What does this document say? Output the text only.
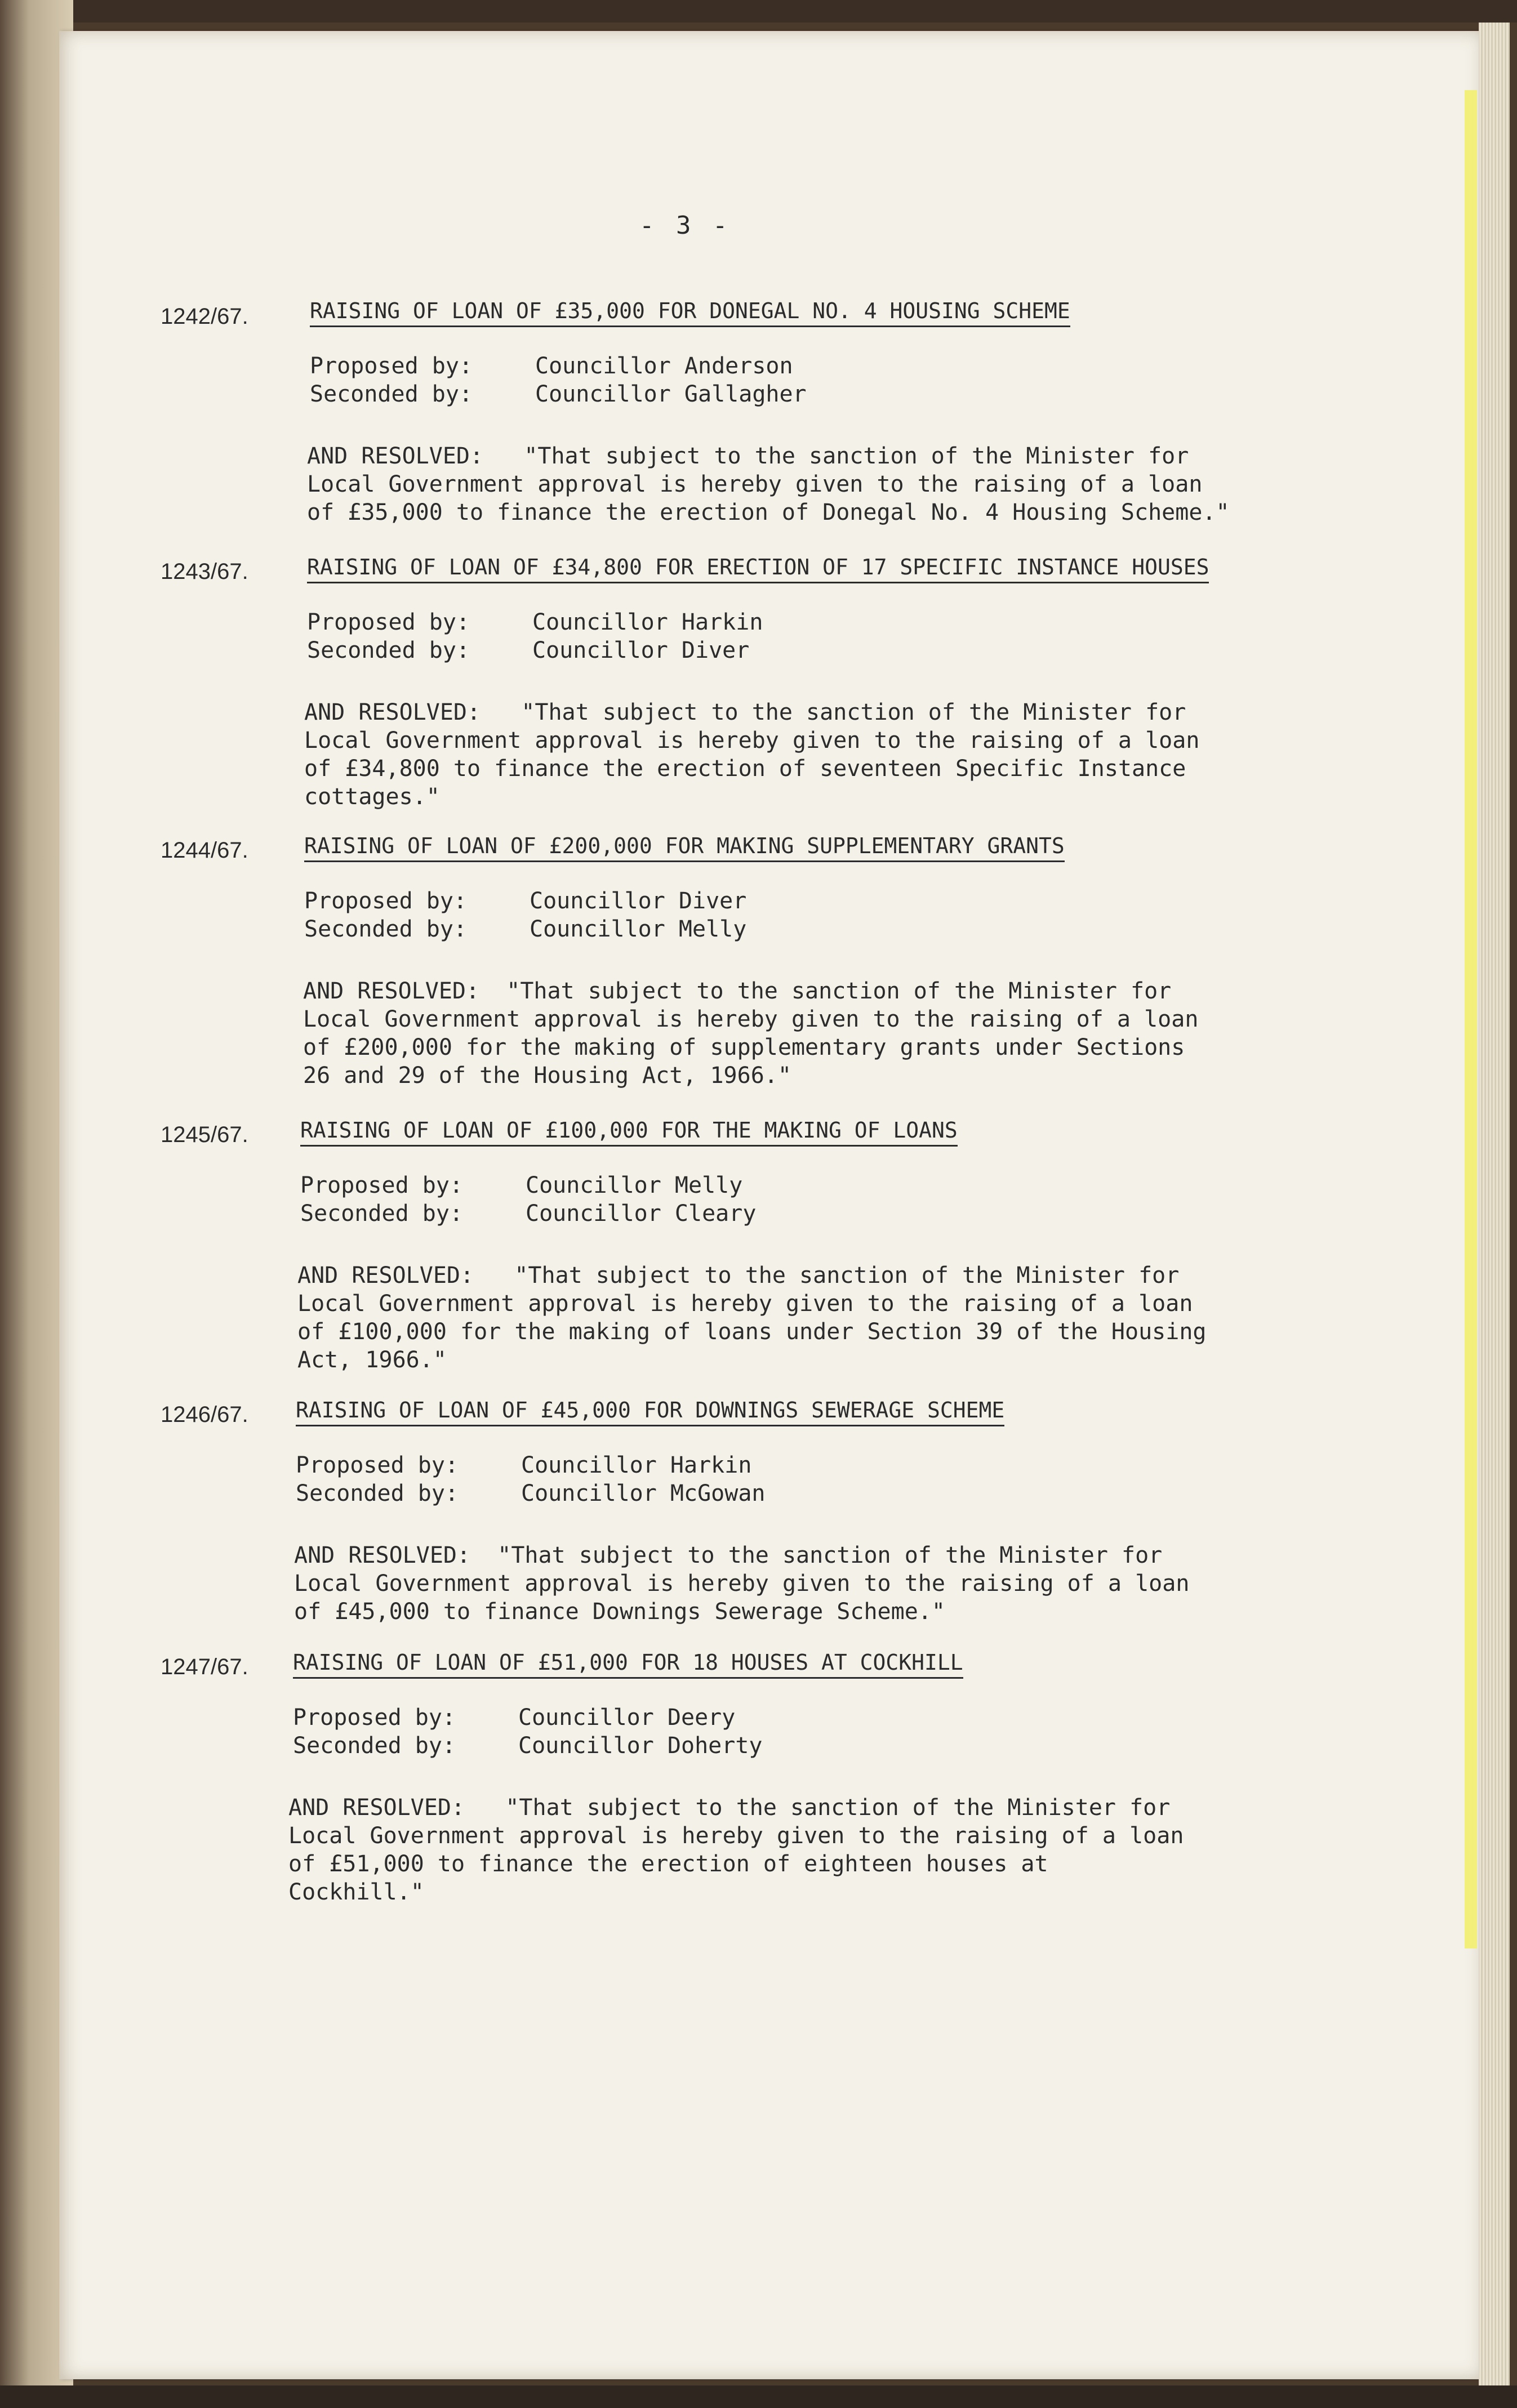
- 3 -
1242/67.	RAISING OF LOAN OF £35,000 FOR DONEGAL NO. 4 HOUSING SCHEME
Proposed by:	Councillor Anderson
Seconded by:	Councillor Gallagher
AND RESOLVED:   "That subject to the sanction of the Minister for
Local Government approval is hereby given to the raising of a loan
of £35,000 to finance the erection of Donegal No. 4 Housing Scheme."
1243/67.	RAISING OF LOAN OF £34,800 FOR ERECTION OF 17 SPECIFIC INSTANCE HOUSES
Proposed by:	Councillor Harkin
Seconded by:	Councillor Diver
AND RESOLVED:   "That subject to the sanction of the Minister for
Local Government approval is hereby given to the raising of a loan
of £34,800 to finance the erection of seventeen Specific Instance
cottages."
1244/67.	RAISING OF LOAN OF £200,000 FOR MAKING SUPPLEMENTARY GRANTS
Proposed by:	Councillor Diver
Seconded by:	Councillor Melly
AND RESOLVED:  "That subject to the sanction of the Minister for
Local Government approval is hereby given to the raising of a loan
of £200,000 for the making of supplementary grants under Sections
26 and 29 of the Housing Act, 1966."
1245/67. RAISING OF LOAN OF £100,000 FOR THE MAKING OF LOANS
Proposed by:	Councillor Melly
Seconded by:	Councillor Cleary
AND RESOLVED:   "That subject to the sanction of the Minister for
Local Government approval is hereby given to the raising of a loan
of £100,000 for the making of loans under Section 39 of the Housing
Act, 1966."
1246/67. RAISING OF LOAN OF £45,000 FOR DOWNINGS SEWERAGE SCHEME
Proposed by:	Councillor Harkin
Seconded by:	Councillor McGowan
AND RESOLVED:  "That subject to the sanction of the Minister for
Local Government approval is hereby given to the raising of a loan
of £45,000 to finance Downings Sewerage Scheme."
1247/67. RAISING OF LOAN OF £51,000 FOR 18 HOUSES AT COCKHILL
Proposed by:	Councillor Deery
Seconded by:	Councillor Doherty
AND RESOLVED:   "That subject to the sanction of the Minister for
Local Government approval is hereby given to the raising of a loan
of £51,000 to finance the erection of eighteen houses at
Cockhill."
